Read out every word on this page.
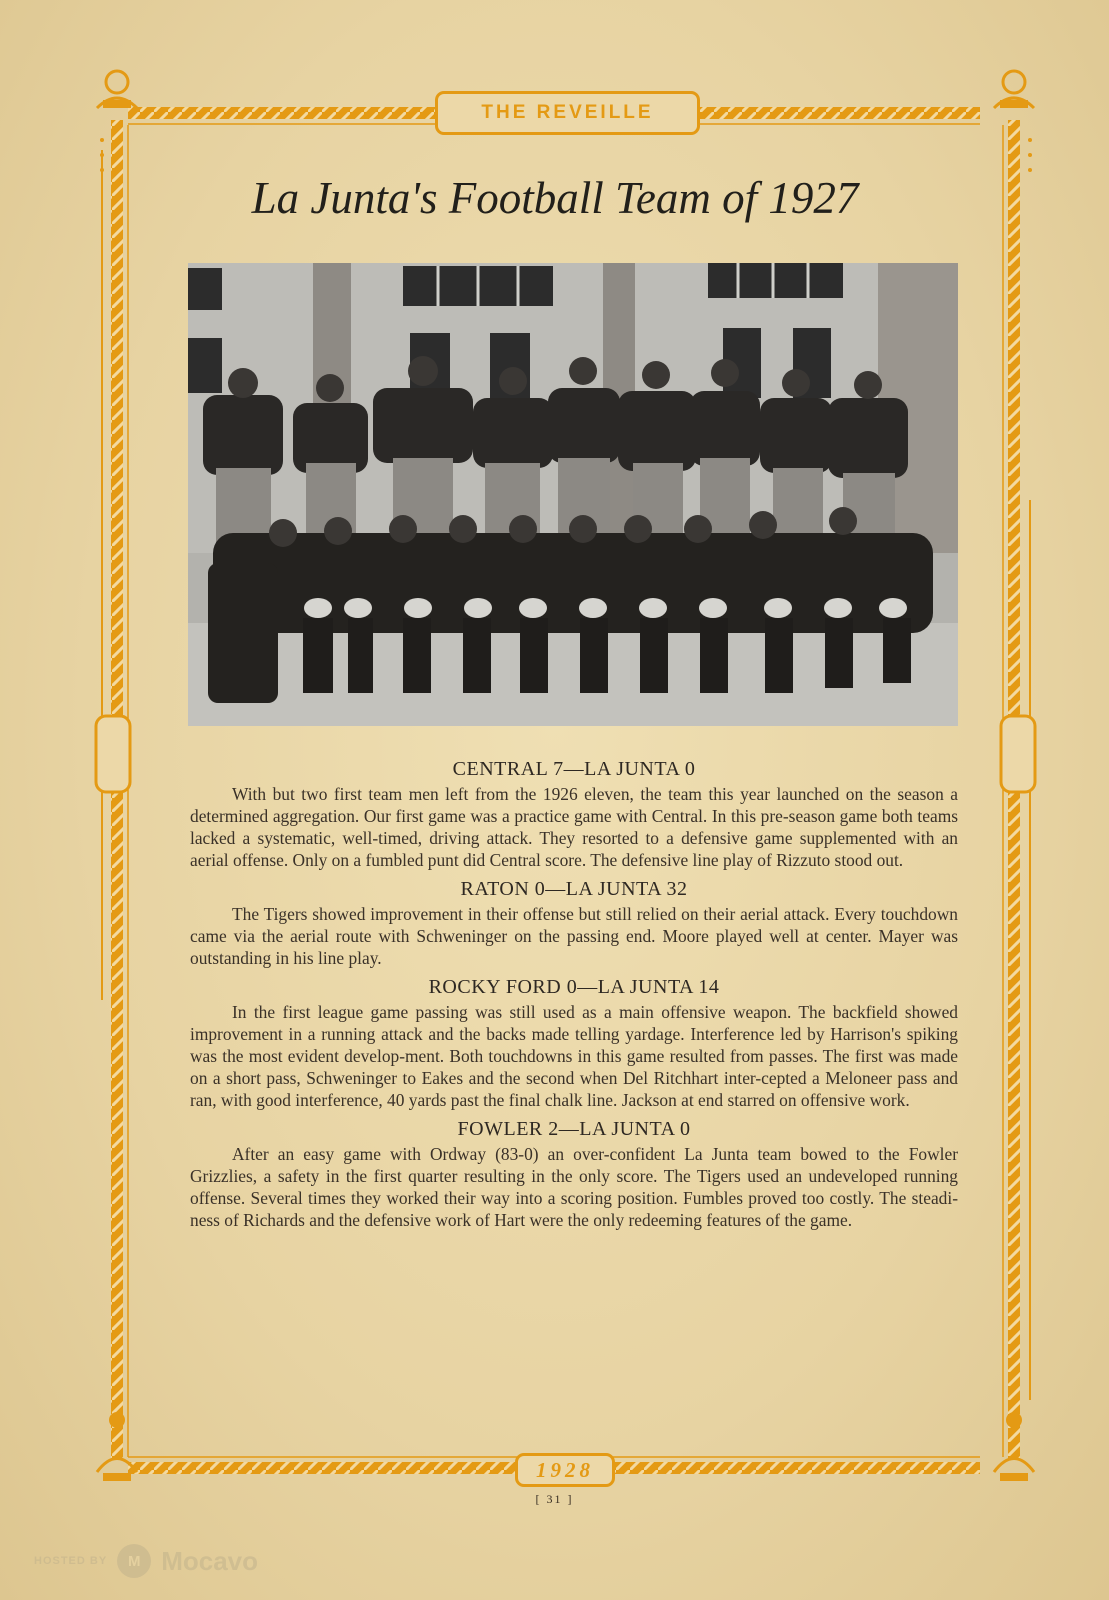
THE REVEILLE
La Junta's Football Team of 1927
CENTRAL 7—LA JUNTA 0

With but two first team men left from the 1926 eleven, the team this year launched on the season a determined aggregation. Our first game was a practice game with Central. In this pre-season game both teams lacked a systematic, well-timed, driving attack. They resorted to a defensive game supplemented with an aerial offense. Only on a fumbled punt did Central score. The defensive line play of Rizzuto stood out.

RATON 0—LA JUNTA 32

The Tigers showed improvement in their offense but still relied on their aerial attack. Every touchdown came via the aerial route with Schweninger on the passing end. Moore played well at center. Mayer was outstanding in his line play.

ROCKY FORD 0—LA JUNTA 14

In the first league game passing was still used as a main offensive weapon. The backfield showed improvement in a running attack and the backs made telling yardage. Interference led by Harrison's spiking was the most evident develop-ment. Both touchdowns in this game resulted from passes. The first was made on a short pass, Schweninger to Eakes and the second when Del Ritchhart inter-cepted a Meloneer pass and ran, with good interference, 40 yards past the final chalk line. Jackson at end starred on offensive work.

FOWLER 2—LA JUNTA 0

After an easy game with Ordway (83-0) an over-confident La Junta team bowed to the Fowler Grizzlies, a safety in the first quarter resulting in the only score. The Tigers used an undeveloped running offense. Several times they worked their way into a scoring position. Fumbles proved too costly. The steadi-ness of Richards and the defensive work of Hart were the only redeeming features of the game.

1928
[ 31 ]
HOSTED BY	M Mocavo
